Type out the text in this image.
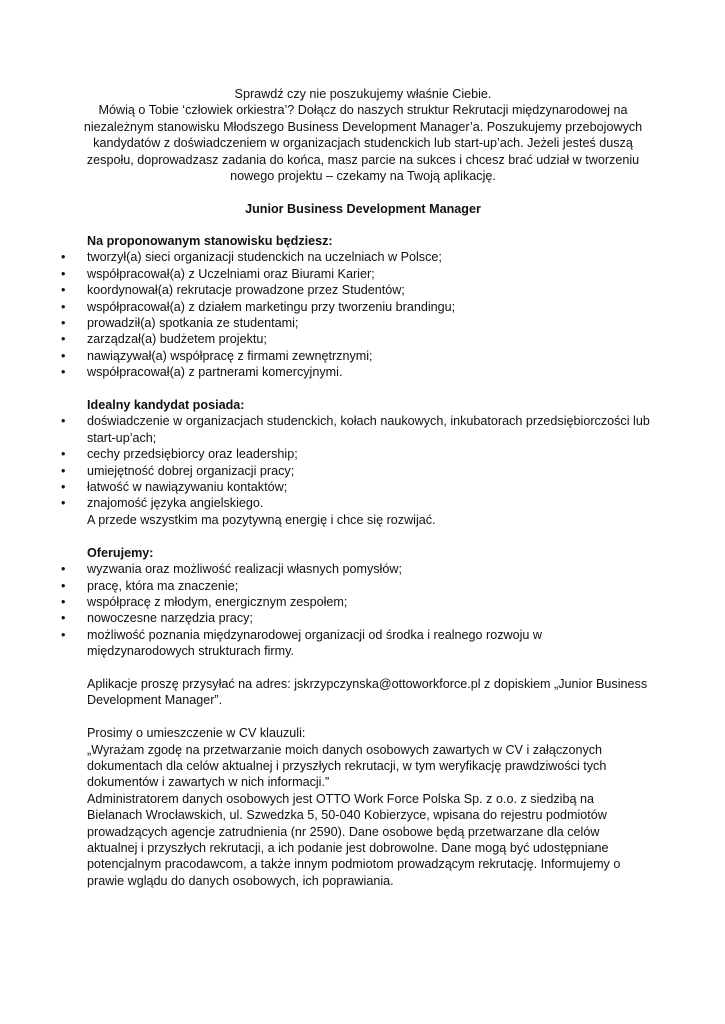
Sprawdź czy nie poszukujemy właśnie Ciebie.

Mówią o Tobie ‘człowiek orkiestra’? Dołącz do naszych struktur Rekrutacji międzynarodowej na niezależnym stanowisku Młodszego Business Development Manager’a. Poszukujemy przebojowych kandydatów z doświadczeniem w organizacjach studenckich lub start-up’ach. Jeżeli jesteś duszą zespołu, doprowadzasz zadania do końca, masz parcie na sukces i chcesz brać udział w tworzeniu nowego projektu – czekamy na Twoją aplikację.

Junior Business Development Manager

Na proponowanym stanowisku będziesz:

• tworzył(a) sieci organizacji studenckich na uczelniach w Polsce;
• współpracował(a) z Uczelniami oraz Biurami Karier;
• koordynował(a) rekrutacje prowadzone przez Studentów;
• współpracował(a) z działem marketingu przy tworzeniu brandingu;
• prowadził(a) spotkania ze studentami;
• zarządzał(a) budżetem projektu;
• nawiązywał(a) współpracę z firmami zewnętrznymi;
• współpracował(a) z partnerami komercyjnymi.

Idealny kandydat posiada:

• doświadczenie w organizacjach studenckich, kołach naukowych, inkubatorach przedsiębiorczości lub start-up’ach;
• cechy przedsiębiorcy oraz leadership;
• umiejętność dobrej organizacji pracy;
• łatwość w nawiązywaniu kontaktów;
• znajomość języka angielskiego.

A przede wszystkim ma pozytywną energię i chce się rozwijać.

Oferujemy:

• wyzwania oraz możliwość realizacji własnych pomysłów;
• pracę, która ma znaczenie;
• współpracę z młodym, energicznym zespołem;
• nowoczesne narzędzia pracy;
• możliwość poznania międzynarodowej organizacji od środka i realnego rozwoju w międzynarodowych strukturach firmy.

Aplikacje proszę przysyłać na adres: jskrzypczynska@ottoworkforce.pl z dopiskiem „Junior Business Development Manager”.

Prosimy o umieszczenie w CV klauzuli:

„Wyrażam zgodę na przetwarzanie moich danych osobowych zawartych w CV i załączonych dokumentach dla celów aktualnej i przyszłych rekrutacji, w tym weryfikację prawdziwości tych dokumentów i zawartych w nich informacji.”

Administratorem danych osobowych jest OTTO Work Force Polska Sp. z o.o. z siedzibą na Bielanach Wrocławskich, ul. Szwedzka 5, 50-040 Kobierzyce, wpisana do rejestru podmiotów prowadzących agencje zatrudnienia (nr 2590). Dane osobowe będą przetwarzane dla celów aktualnej i przyszłych rekrutacji, a ich podanie jest dobrowolne. Dane mogą być udostępniane potencjalnym pracodawcom, a także innym podmiotom prowadzącym rekrutację. Informujemy o prawie wglądu do danych osobowych, ich poprawiania.
